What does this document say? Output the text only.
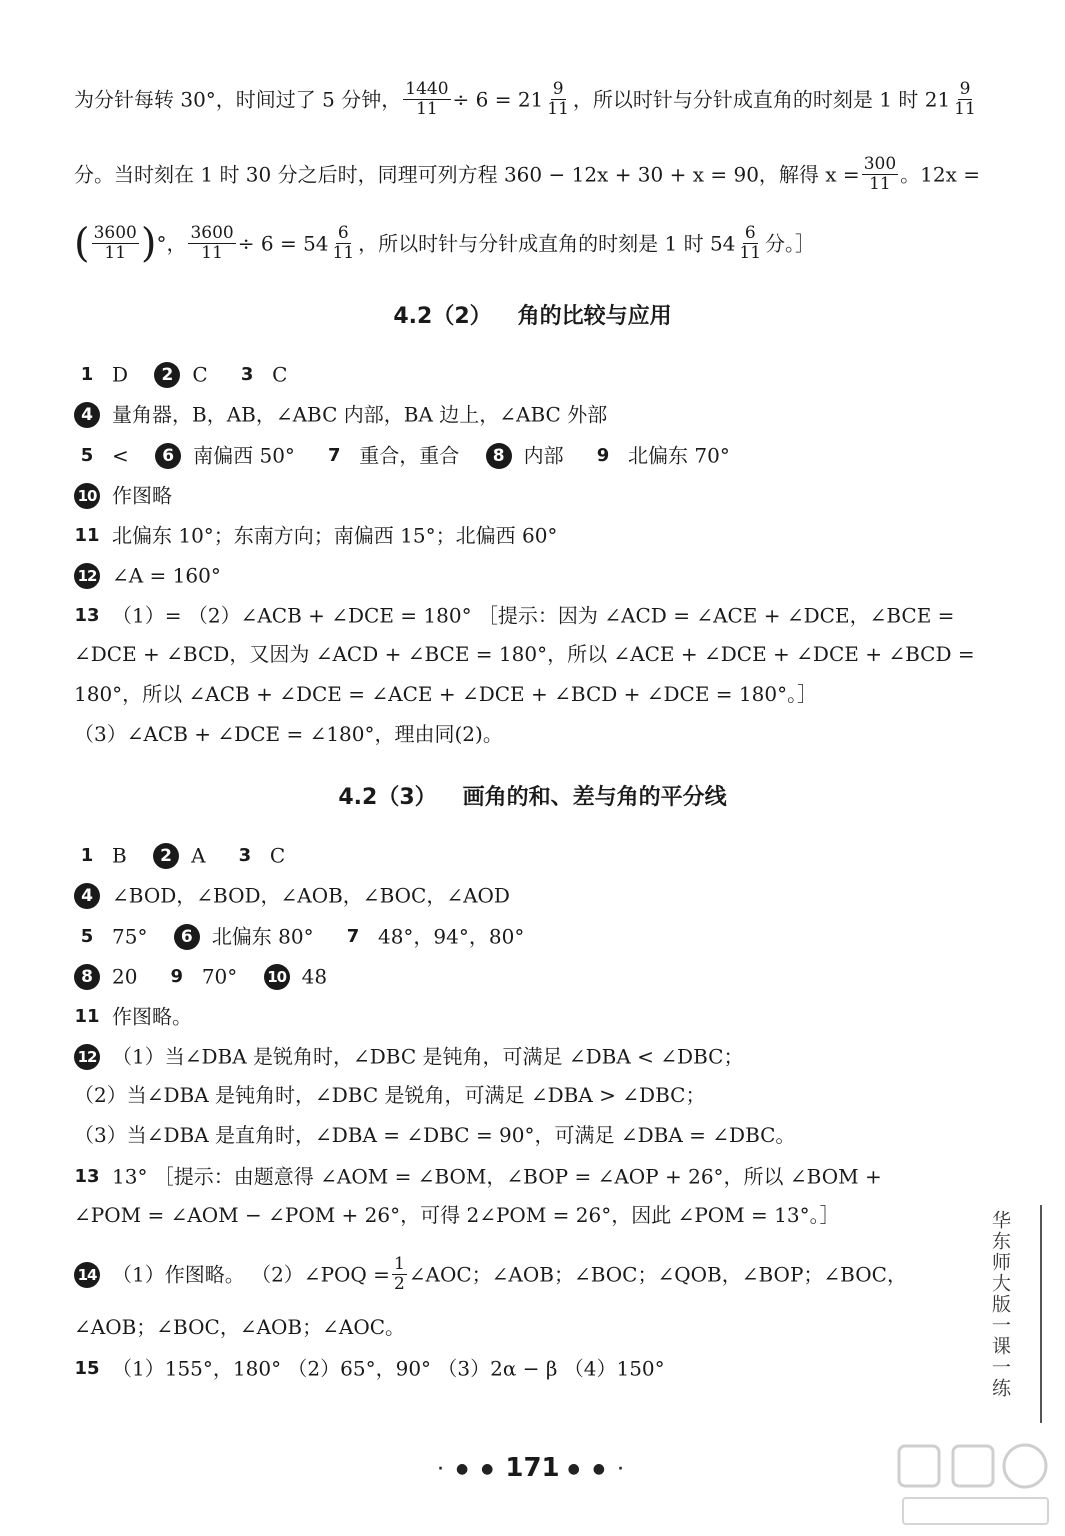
为分针每转 30°，时间过了 5 分钟， $\frac{1440}{11} \div 6 = 21 \frac{9}{11}$ ，所以时针与分针成直角的时刻是 1 时 $21 \frac{9}{11}$
分。当时刻在 1 时 30 分之后时，同理可列方程 360 − 12x + 30 + x = 90，解得 $x = \frac{300}{11}$ 。12x =
( $\frac{3600}{11}$ )°， $\frac{3600}{11} \div 6 = 54 \frac{6}{11}$ ，所以时针与分针成直角的时刻是 1 时 $54 \frac{6}{11}$ 分。］
4.2（2） 角的比较与应用
1 D 2 C 3 C
4 量角器，B，AB，∠ABC 内部，BA 边上，∠ABC 外部
5 < 6 南偏西 50° 7 重合，重合 8 内部 9 北偏东 70°
10 作图略
11 北偏东 10°；东南方向；南偏西 15°；北偏西 60°
12 ∠A = 160°
13 （1）= （2）∠ACB + ∠DCE = 180° ［提示：因为 ∠ACD = ∠ACE + ∠DCE，∠BCE =
∠DCE + ∠BCD，又因为 ∠ACD + ∠BCE = 180°，所以 ∠ACE + ∠DCE + ∠DCE + ∠BCD =
180°，所以 ∠ACB + ∠DCE = ∠ACE + ∠DCE + ∠BCD + ∠DCE = 180°。］
（3）∠ACB + ∠DCE = ∠180°，理由同(2)。
4.2（3） 画角的和、差与角的平分线
1 B 2 A 3 C
4 ∠BOD，∠BOD，∠AOB，∠BOC，∠AOD
5 75° 6 北偏东 80° 7 48°，94°，80°
8 20 9 70° 10 48
11 作图略。
12 （1）当∠DBA 是锐角时，∠DBC 是钝角，可满足 ∠DBA < ∠DBC；
（2）当∠DBA 是钝角时，∠DBC 是锐角，可满足 ∠DBA > ∠DBC；
（3）当∠DBA 是直角时，∠DBA = ∠DBC = 90°，可满足 ∠DBA = ∠DBC。
13 13° ［提示：由题意得 ∠AOM = ∠BOM，∠BOP = ∠AOP + 26°，所以 ∠BOM +
∠POM = ∠AOM − ∠POM + 26°，可得 2∠POM = 26°，因此 ∠POM = 13°。］
14 （1）作图略。 （2）∠POQ = $\frac{1}{2}$ ∠AOC；∠AOB；∠BOC；∠QOB，∠BOP；∠BOC，
∠AOB；∠BOC，∠AOB；∠AOC。
15 （1）155°，180° （2）65°，90° （3）2α − β （4）150°	华东师大版一课一练
· ● ● 171 ● ● ·
